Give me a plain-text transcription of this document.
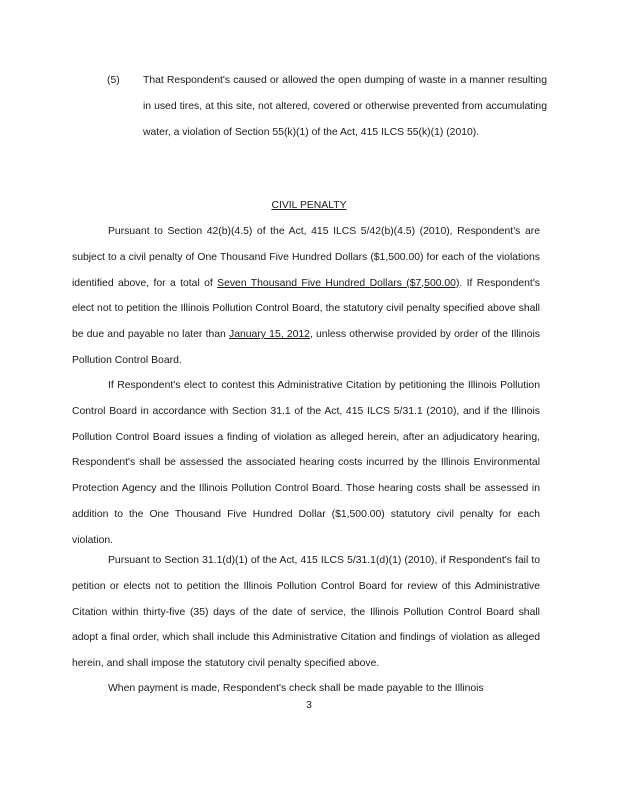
(5) That Respondent's caused or allowed the open dumping of waste in a manner resulting in used tires, at this site, not altered, covered or otherwise prevented from accumulating water, a violation of Section 55(k)(1) of the Act, 415 ILCS 55(k)(1) (2010).
CIVIL PENALTY

Pursuant to Section 42(b)(4.5) of the Act, 415 ILCS 5/42(b)(4.5) (2010), Respondent's are subject to a civil penalty of One Thousand Five Hundred Dollars ($1,500.00) for each of the violations identified above, for a total of Seven Thousand Five Hundred Dollars ($7,500.00). If Respondent's elect not to petition the Illinois Pollution Control Board, the statutory civil penalty specified above shall be due and payable no later than January 15, 2012, unless otherwise provided by order of the Illinois Pollution Control Board.

If Respondent's elect to contest this Administrative Citation by petitioning the Illinois Pollution Control Board in accordance with Section 31.1 of the Act, 415 ILCS 5/31.1 (2010), and if the Illinois Pollution Control Board issues a finding of violation as alleged herein, after an adjudicatory hearing, Respondent's shall be assessed the associated hearing costs incurred by the Illinois Environmental Protection Agency and the Illinois Pollution Control Board. Those hearing costs shall be assessed in addition to the One Thousand Five Hundred Dollar ($1,500.00) statutory civil penalty for each violation.

Pursuant to Section 31.1(d)(1) of the Act, 415 ILCS 5/31.1(d)(1) (2010), if Respondent's fail to petition or elects not to petition the Illinois Pollution Control Board for review of this Administrative Citation within thirty-five (35) days of the date of service, the Illinois Pollution Control Board shall adopt a final order, which shall include this Administrative Citation and findings of violation as alleged herein, and shall impose the statutory civil penalty specified above.

When payment is made, Respondent's check shall be made payable to the Illinois

3
